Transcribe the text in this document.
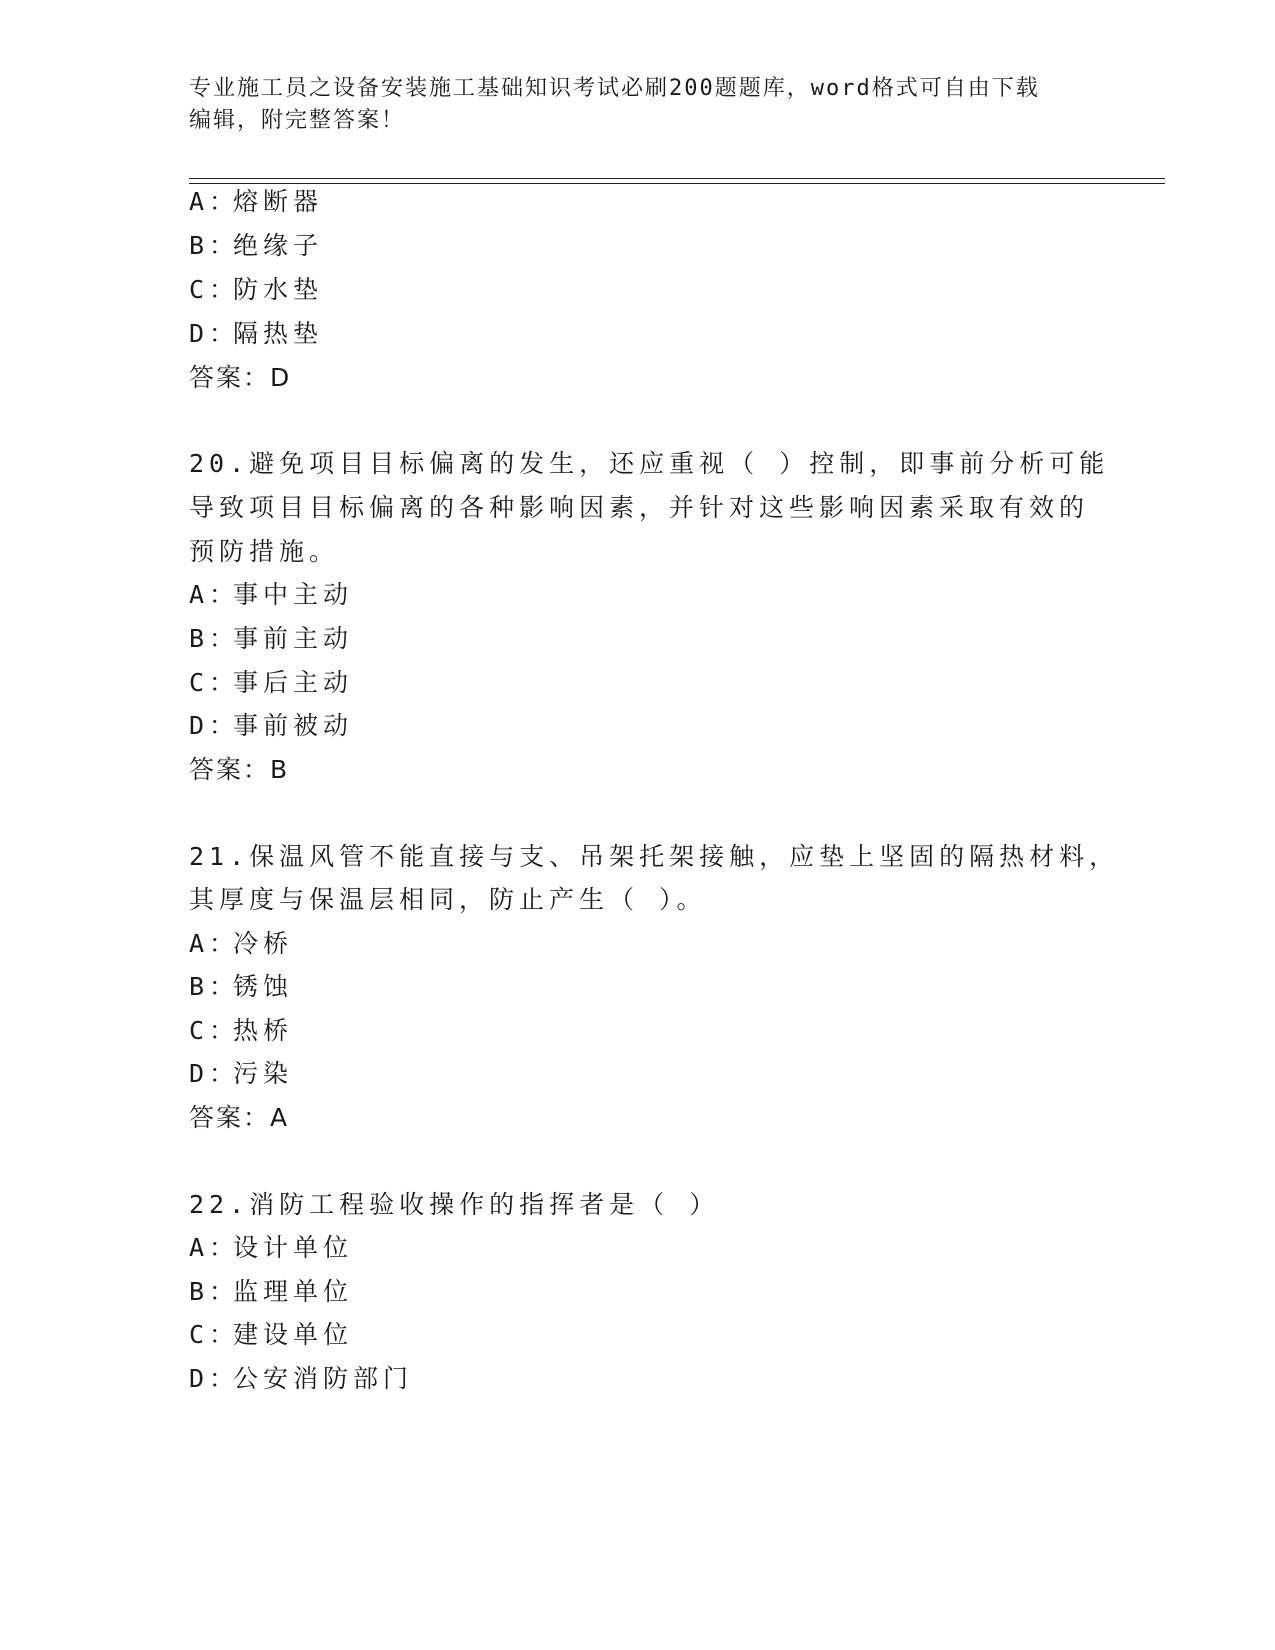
专业施工员之设备安装施工基础知识考试必刷200题题库，word格式可自由下载
编辑，附完整答案！
A：熔断器
B：绝缘子
C：防水垫
D：隔热垫
答案：D
20.避免项目目标偏离的发生，还应重视（ ）控制，即事前分析可能
导致项目目标偏离的各种影响因素，并针对这些影响因素采取有效的
预防措施。
A：事中主动
B：事前主动
C：事后主动
D：事前被动
答案：B
21.保温风管不能直接与支、吊架托架接触，应垫上坚固的隔热材料，
其厚度与保温层相同，防止产生（ ）。
A：冷桥
B：锈蚀
C：热桥
D：污染
答案：A
22.消防工程验收操作的指挥者是（ ）
A：设计单位
B：监理单位
C：建设单位
D：公安消防部门
